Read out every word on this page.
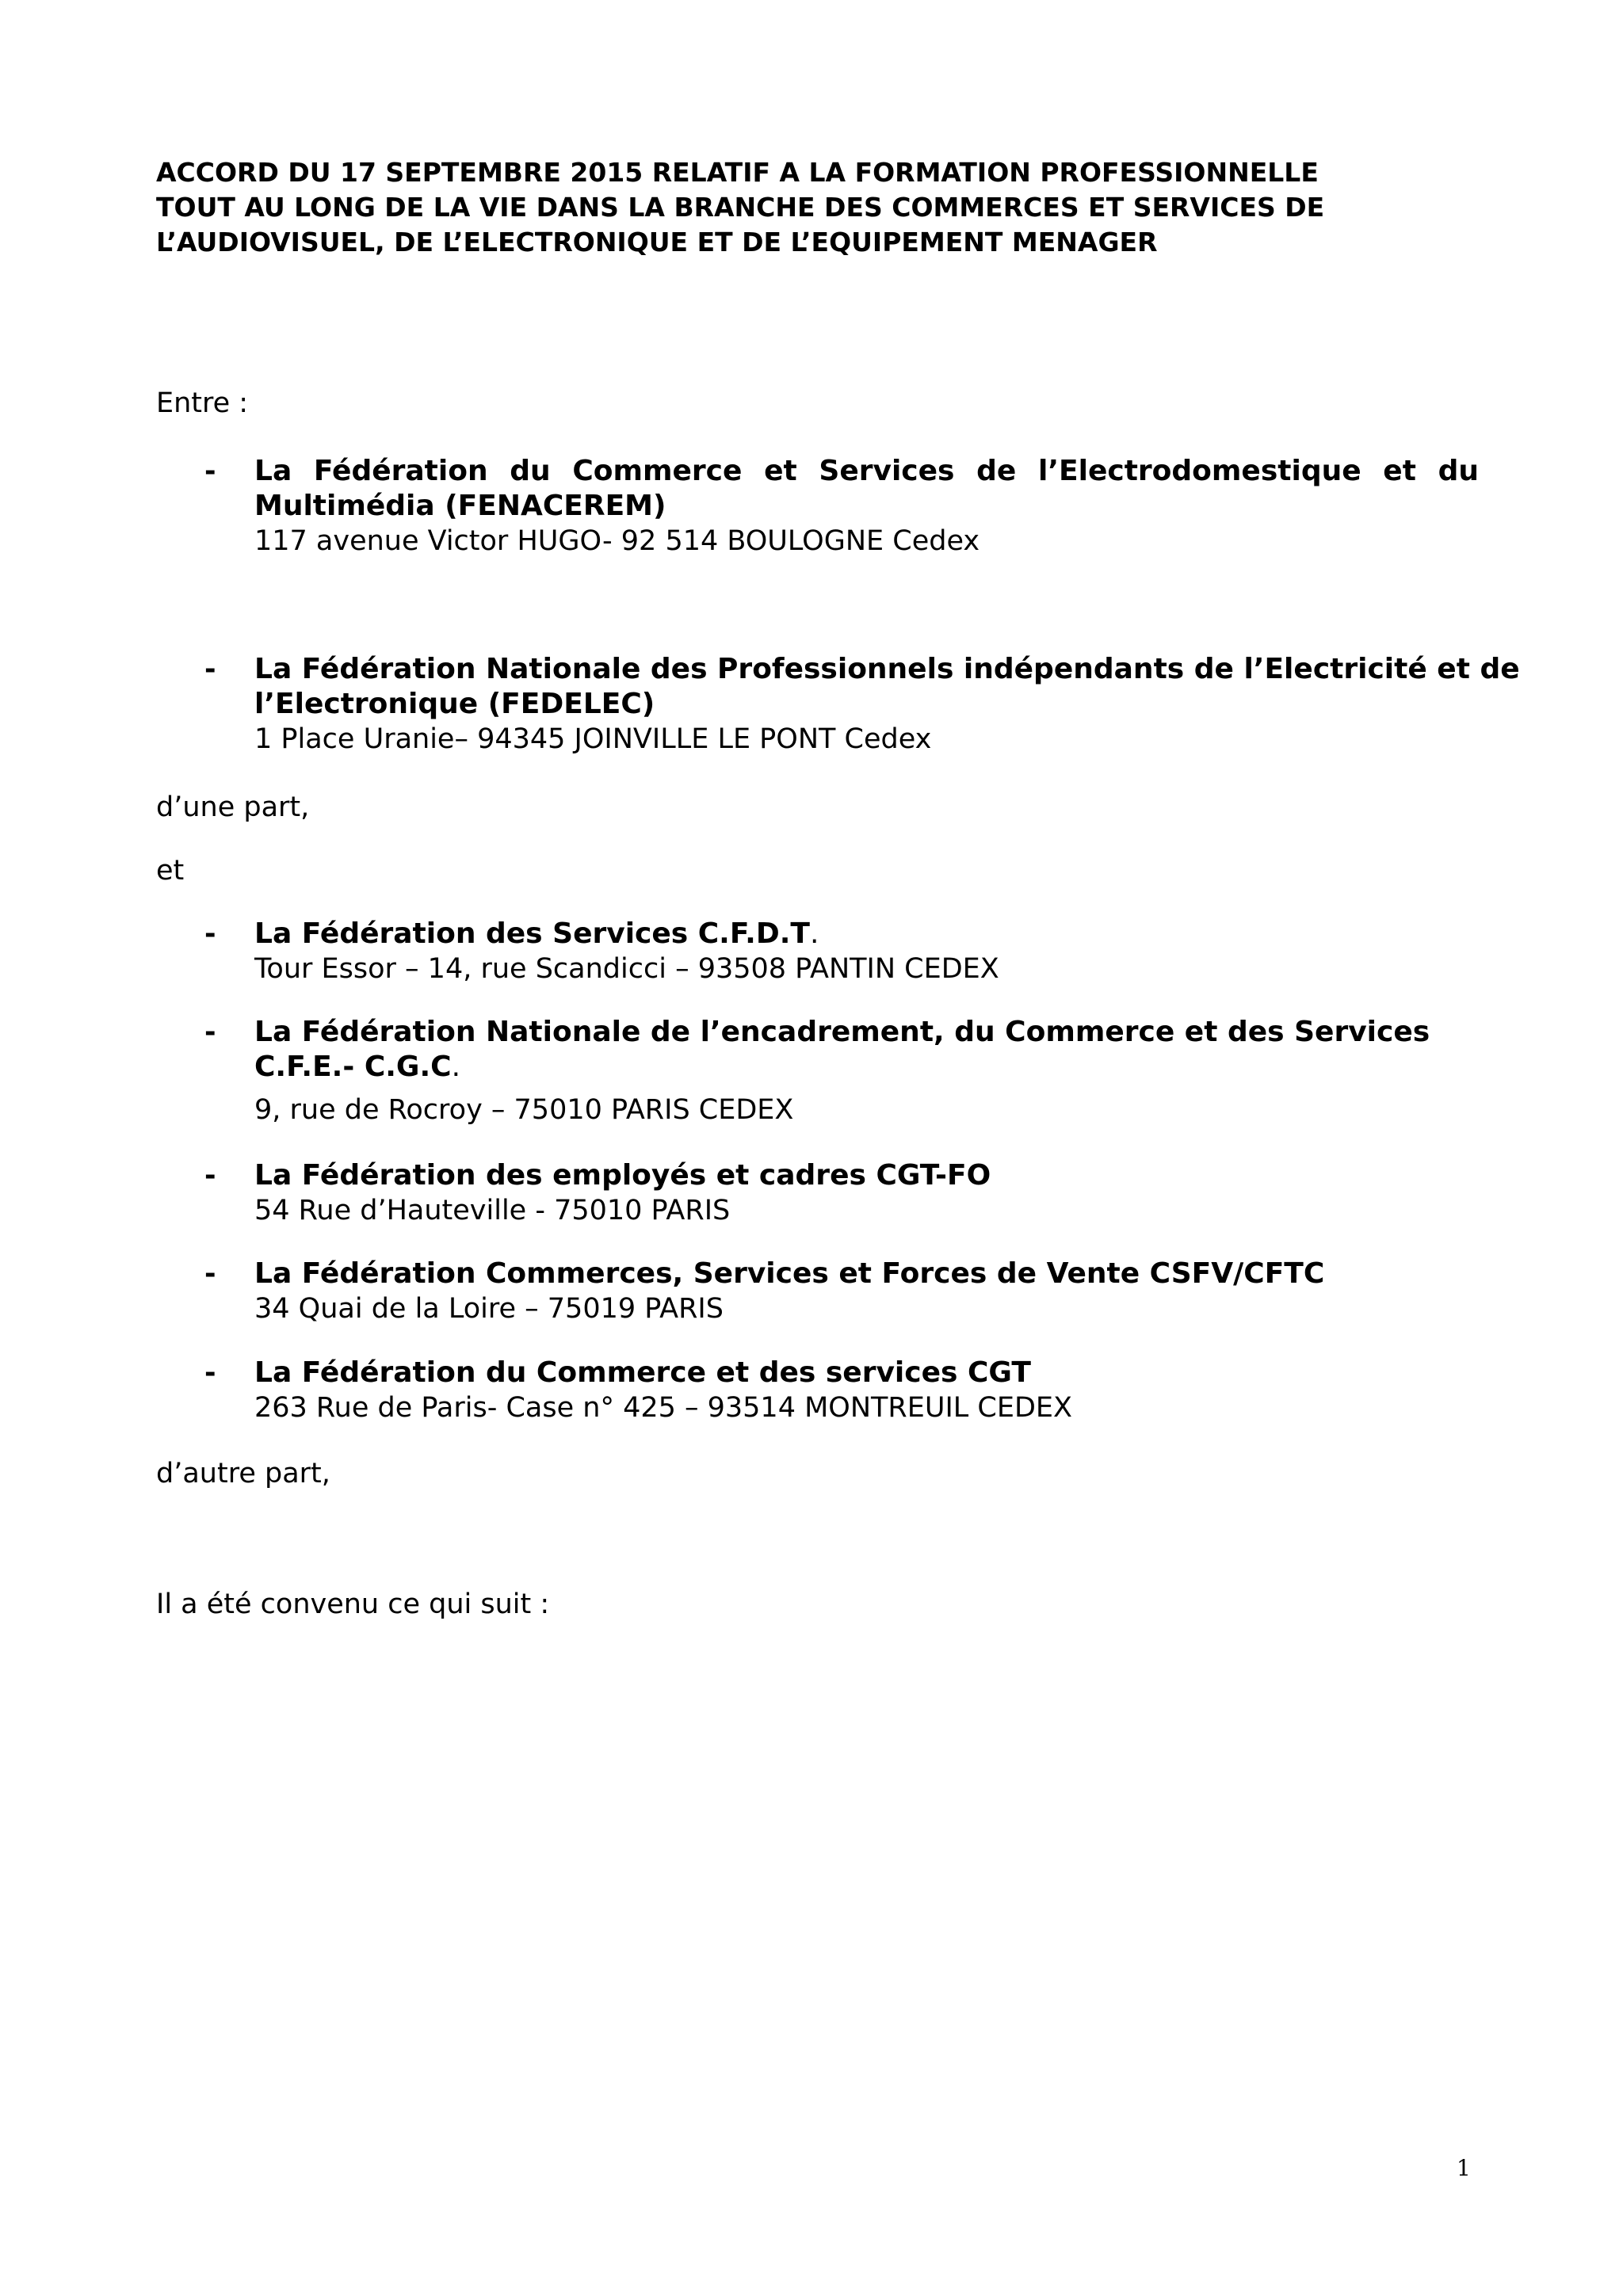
ACCORD DU 17 SEPTEMBRE 2015 RELATIF A LA FORMATION PROFESSIONNELLE
TOUT AU LONG DE LA VIE DANS LA BRANCHE DES COMMERCES ET SERVICES DE
L’AUDIOVISUEL, DE L’ELECTRONIQUE ET DE L’EQUIPEMENT MENAGER
Entre :
- La Fédération du Commerce et Services de l’Electrodomestique et du
Multimédia (FENACEREM)
117 avenue Victor HUGO- 92 514 BOULOGNE Cedex
- La Fédération Nationale des Professionnels indépendants de l’Electricité et de
l’Electronique (FEDELEC)
1 Place Uranie– 94345 JOINVILLE LE PONT Cedex
d’une part,
et
- La Fédération des Services C.F.D.T.
Tour Essor – 14, rue Scandicci – 93508 PANTIN CEDEX
- La Fédération Nationale de l’encadrement, du Commerce et des Services
C.F.E.- C.G.C.
9, rue de Rocroy – 75010 PARIS CEDEX
- La Fédération des employés et cadres CGT-FO
54 Rue d’Hauteville - 75010 PARIS
- La Fédération Commerces, Services et Forces de Vente CSFV/CFTC
34 Quai de la Loire – 75019 PARIS
- La Fédération du Commerce et des services CGT
263 Rue de Paris- Case n° 425 – 93514 MONTREUIL CEDEX
d’autre part,
Il a été convenu ce qui suit :
1
